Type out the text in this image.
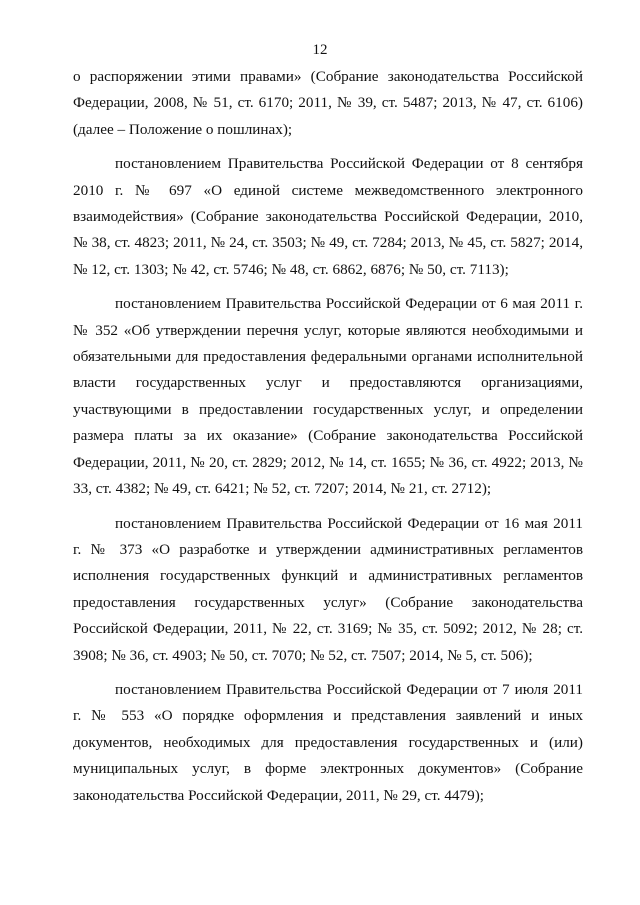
12

о распоряжении этими правами» (Собрание законодательства Российской Федерации, 2008, № 51, ст. 6170; 2011, № 39, ст. 5487; 2013, № 47, ст. 6106) (далее – Положение о пошлинах);

постановлением Правительства Российской Федерации от 8 сентября 2010 г. № 697 «О единой системе межведомственного электронного взаимодействия» (Собрание законодательства Российской Федерации, 2010, № 38, ст. 4823; 2011, № 24, ст. 3503; № 49, ст. 7284; 2013, № 45, ст. 5827; 2014, № 12, ст. 1303; № 42, ст. 5746; № 48, ст. 6862, 6876; № 50, ст. 7113);

постановлением Правительства Российской Федерации от 6 мая 2011 г. № 352 «Об утверждении перечня услуг, которые являются необходимыми и обязательными для предоставления федеральными органами исполнительной власти государственных услуг и предоставляются организациями, участвующими в предоставлении государственных услуг, и определении размера платы за их оказание» (Собрание законодательства Российской Федерации, 2011, № 20, ст. 2829; 2012, № 14, ст. 1655; № 36, ст. 4922; 2013, № 33, ст. 4382; № 49, ст. 6421; № 52, ст. 7207; 2014, № 21, ст. 2712);

постановлением Правительства Российской Федерации от 16 мая 2011 г. № 373 «О разработке и утверждении административных регламентов исполнения государственных функций и административных регламентов предоставления государственных услуг» (Собрание законодательства Российской Федерации, 2011, № 22, ст. 3169; № 35, ст. 5092; 2012, № 28; ст. 3908; № 36, ст. 4903; № 50, ст. 7070; № 52, ст. 7507; 2014, № 5, ст. 506);

постановлением Правительства Российской Федерации от 7 июля 2011 г. № 553 «О порядке оформления и представления заявлений и иных документов, необходимых для предоставления государственных и (или) муниципальных услуг, в форме электронных документов» (Собрание законодательства Российской Федерации, 2011, № 29, ст. 4479);
